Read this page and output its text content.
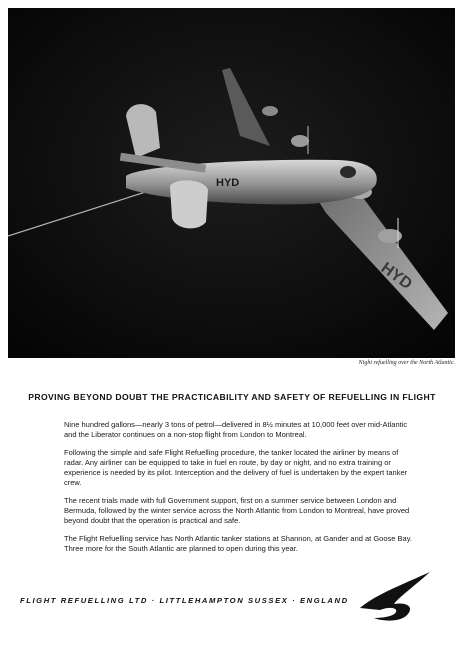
HYD
HYD
Night refuelling over the North Atlantic.
PROVING BEYOND DOUBT THE PRACTICABILITY AND SAFETY OF REFUELLING IN FLIGHT

Nine hundred gallons—nearly 3 tons of petrol—delivered in 8½ minutes at 10,000 feet over mid-Atlantic and the Liberator continues on a non-stop flight from London to Montreal.

Following the simple and safe Flight Refuelling procedure, the tanker located the airliner by means of radar. Any airliner can be equipped to take in fuel en route, by day or night, and no extra training or experience is needed by its pilot. Interception and the delivery of fuel is undertaken by the expert tanker crew.

The recent trials made with full Government support, first on a summer service between London and Bermuda, followed by the winter service across the North Atlantic from London to Montreal, have proved beyond doubt that the operation is practical and safe.

The Flight Refuelling service has North Atlantic tanker stations at Shannon, at Gander and at Goose Bay. Three more for the South Atlantic are planned to open during this year.

FLIGHT REFUELLING LTD · LITTLEHAMPTON SUSSEX · ENGLAND
